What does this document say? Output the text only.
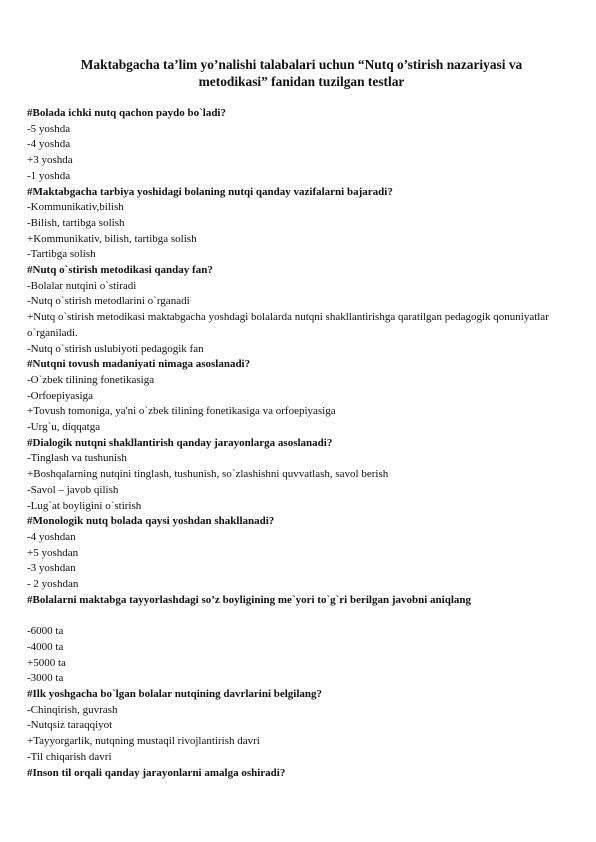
Maktabgacha ta’lim yo’nalishi talabalari uchun “Nutq o’stirish nazariyasi va metodikasi” fanidan tuzilgan testlar

#Bolada ichki nutq qachon paydo bo`ladi?

-5 yoshda

-4 yoshda

+3 yoshda

-1 yoshda

#Maktabgacha tarbiya yoshidagi bolaning nutqi qanday vazifalarni bajaradi?

-Kommunikativ,bilish

-Bilish, tartibga solish

+Kommunikativ, bilish, tartibga solish

-Tartibga solish

#Nutq o`stirish metodikasi qanday fan?

-Bolalar nutqini o`stiradi

-Nutq o`stirish metodlarini o`rganadi

+Nutq o`stirish metodikasi maktabgacha yoshdagi bolalarda nutqni shakllantirishga qaratilgan pedagogik qonuniyatlar o`rganiladi.

-Nutq o`stirish uslubiyoti pedagogik fan

#Nutqni tovush madaniyati nimaga asoslanadi?

-O`zbek tilining fonetikasiga

-Orfoepiyasiga

+Tovush tomoniga, ya'ni o`zbek tilining fonetikasiga va orfoepiyasiga

-Urg`u, diqqatga

#Dialogik nutqni shakllantirish qanday jarayonlarga asoslanadi?

-Tinglash va tushunish

+Boshqalarning nutqini tinglash, tushunish, so`zlashishni quvvatlash, savol berish

-Savol – javob qilish

-Lug`at boyligini o`stirish

#Monologik nutq bolada qaysi yoshdan shakllanadi?

-4 yoshdan

+5 yoshdan

-3 yoshdan

- 2 yoshdan

#Bolalarni maktabga tayyorlashdagi so’z boyligining me`yori to`g`ri berilgan javobni aniqlang

-6000 ta

-4000 ta

+5000 ta

-3000 ta

#Ilk yoshgacha bo`lgan bolalar nutqining davrlarini belgilang?

-Chinqirish, guvrash

-Nutqsiz taraqqiyot

+Tayyorgarlik, nutqning mustaqil rivojlantirish davri

-Til chiqarish davri

#Inson til orqali qanday jarayonlarni amalga oshiradi?
